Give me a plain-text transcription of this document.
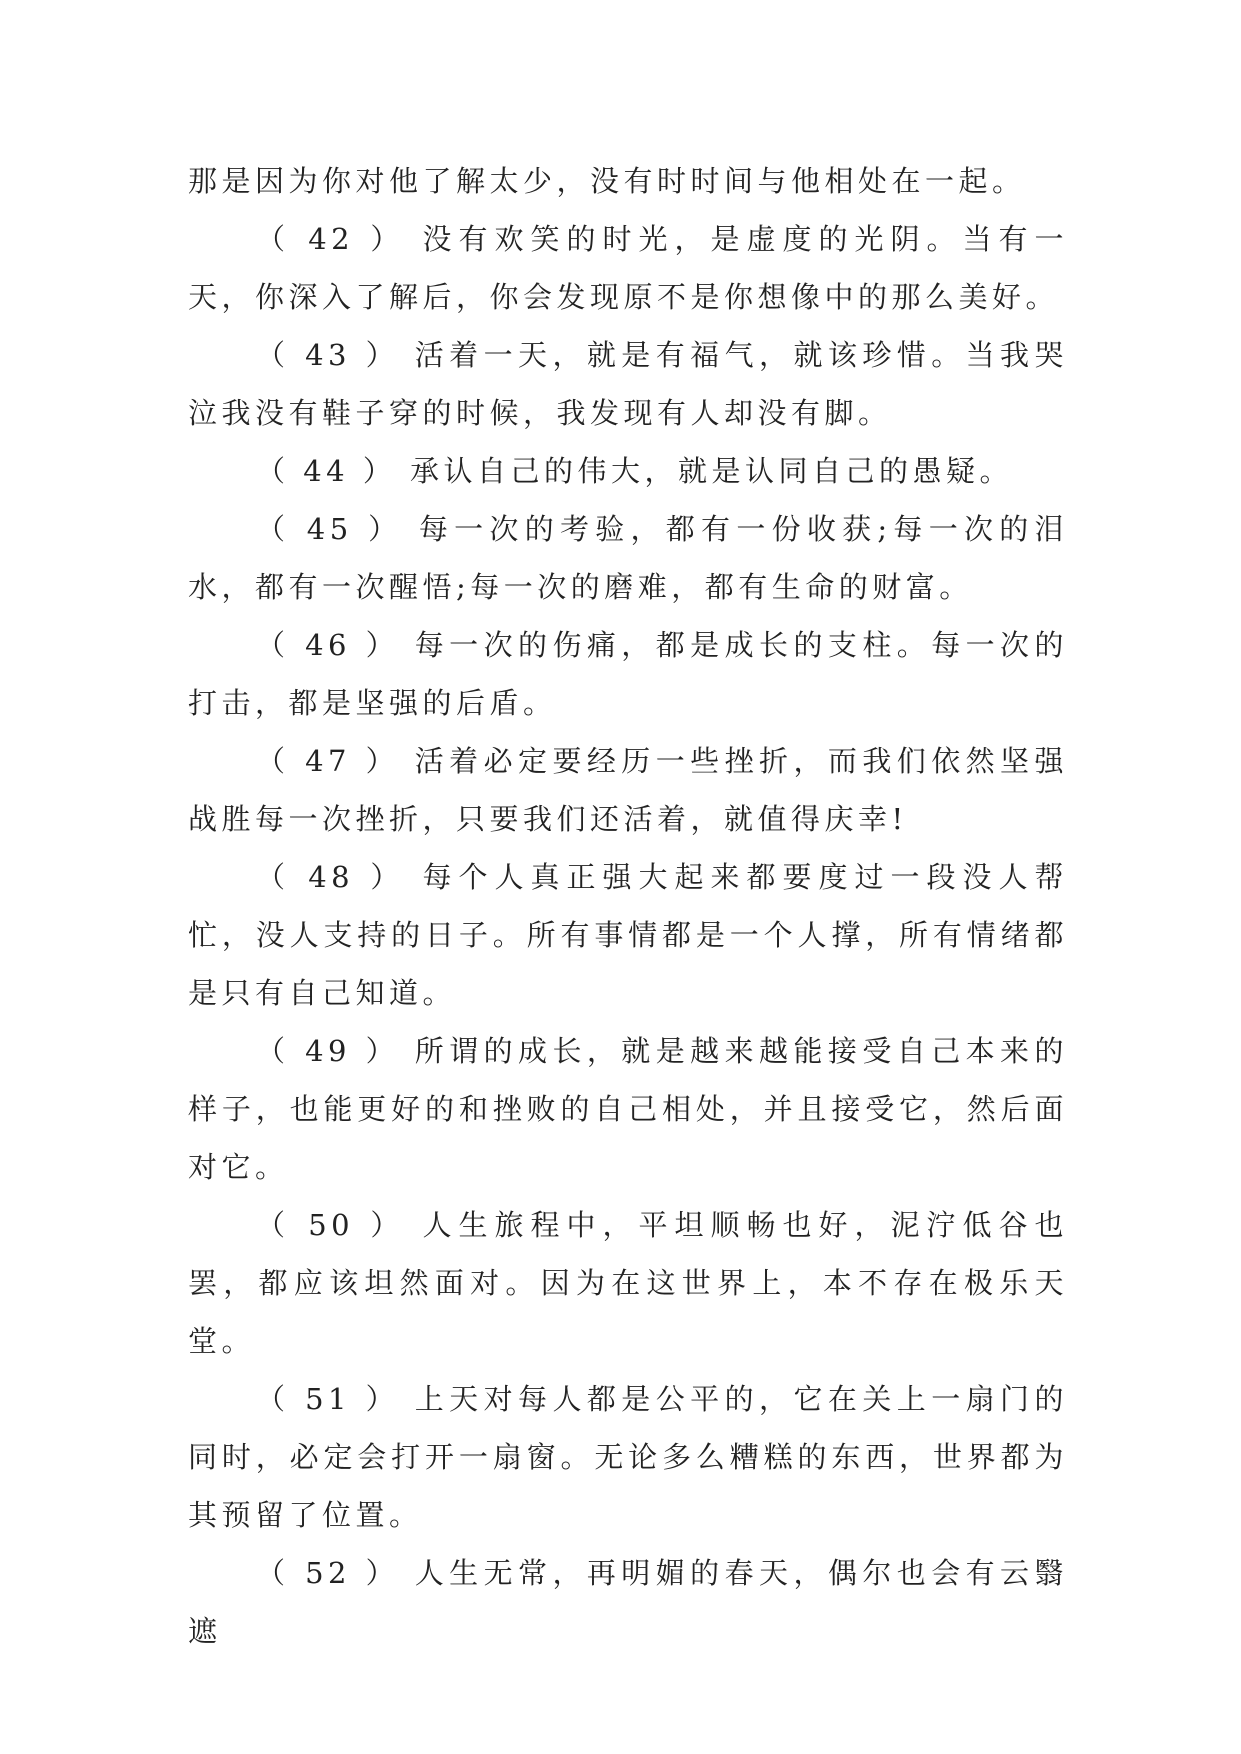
那是因为你对他了解太少，没有时时间与他相处在一起。

（ 42 ） 没有欢笑的时光，是虚度的光阴。当有一天，你深入了解后，你会发现原不是你想像中的那么美好。

（ 43 ） 活着一天，就是有福气，就该珍惜。当我哭泣我没有鞋子穿的时候，我发现有人却没有脚。

（ 44 ） 承认自己的伟大，就是认同自己的愚疑。

（ 45 ） 每一次的考验，都有一份收获;每一次的泪水，都有一次醒悟;每一次的磨难，都有生命的财富。

（ 46 ） 每一次的伤痛，都是成长的支柱。每一次的打击，都是坚强的后盾。

（ 47 ） 活着必定要经历一些挫折，而我们依然坚强战胜每一次挫折，只要我们还活着，就值得庆幸!

（ 48 ） 每个人真正强大起来都要度过一段没人帮忙，没人支持的日子。所有事情都是一个人撑，所有情绪都是只有自己知道。

（ 49 ） 所谓的成长，就是越来越能接受自己本来的样子，也能更好的和挫败的自己相处，并且接受它，然后面对它。

（ 50 ） 人生旅程中，平坦顺畅也好，泥泞低谷也罢，都应该坦然面对。因为在这世界上，本不存在极乐天堂。

（ 51 ） 上天对每人都是公平的，它在关上一扇门的同时，必定会打开一扇窗。无论多么糟糕的东西，世界都为其预留了位置。

（ 52 ） 人生无常，再明媚的春天，偶尔也会有云翳遮
